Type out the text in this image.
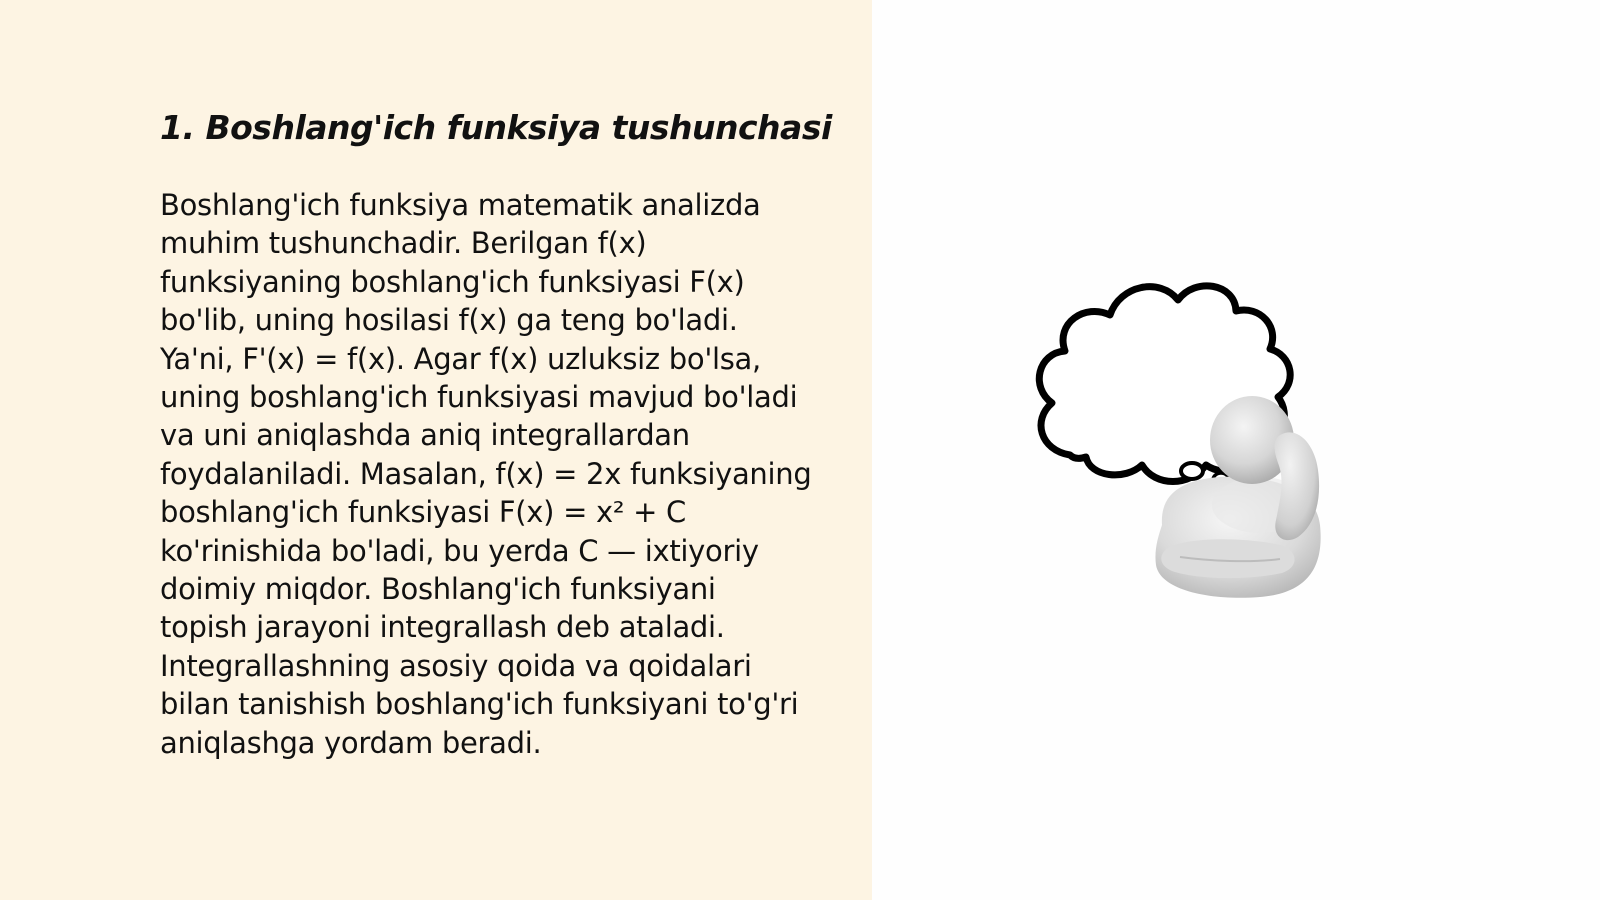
1. Boshlang'ich funksiya tushunchasi
Boshlang'ich funksiya matematik analizda
muhim tushunchadir. Berilgan f(x)
funksiyaning boshlang'ich funksiyasi F(x)
bo'lib, uning hosilasi f(x) ga teng bo'ladi.
Ya'ni, F'(x) = f(x). Agar f(x) uzluksiz bo'lsa,
uning boshlang'ich funksiyasi mavjud bo'ladi
va uni aniqlashda aniq integrallardan
foydalaniladi. Masalan, f(x) = 2x funksiyaning
boshlang'ich funksiyasi F(x) = x² + C
ko'rinishida bo'ladi, bu yerda C — ixtiyoriy
doimiy miqdor. Boshlang'ich funksiyani
topish jarayoni integrallash deb ataladi.
Integrallashning asosiy qoida va qoidalari
bilan tanishish boshlang'ich funksiyani to'g'ri
aniqlashga yordam beradi.
